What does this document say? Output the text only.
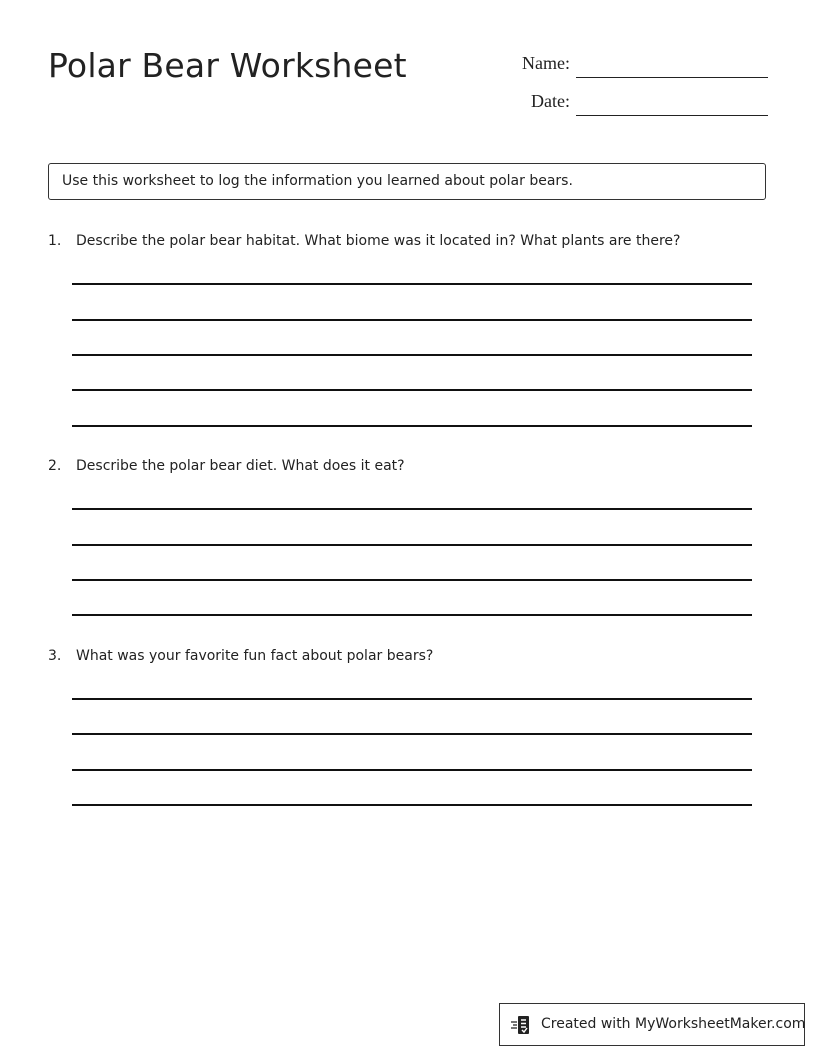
Polar Bear Worksheet	Name:
Date:
Use this worksheet to log the information you learned about polar bears.
1. Describe the polar bear habitat. What biome was it located in? What plants are there?
2. Describe the polar bear diet. What does it eat?
3. What was your favorite fun fact about polar bears?
Created with MyWorksheetMaker.com
